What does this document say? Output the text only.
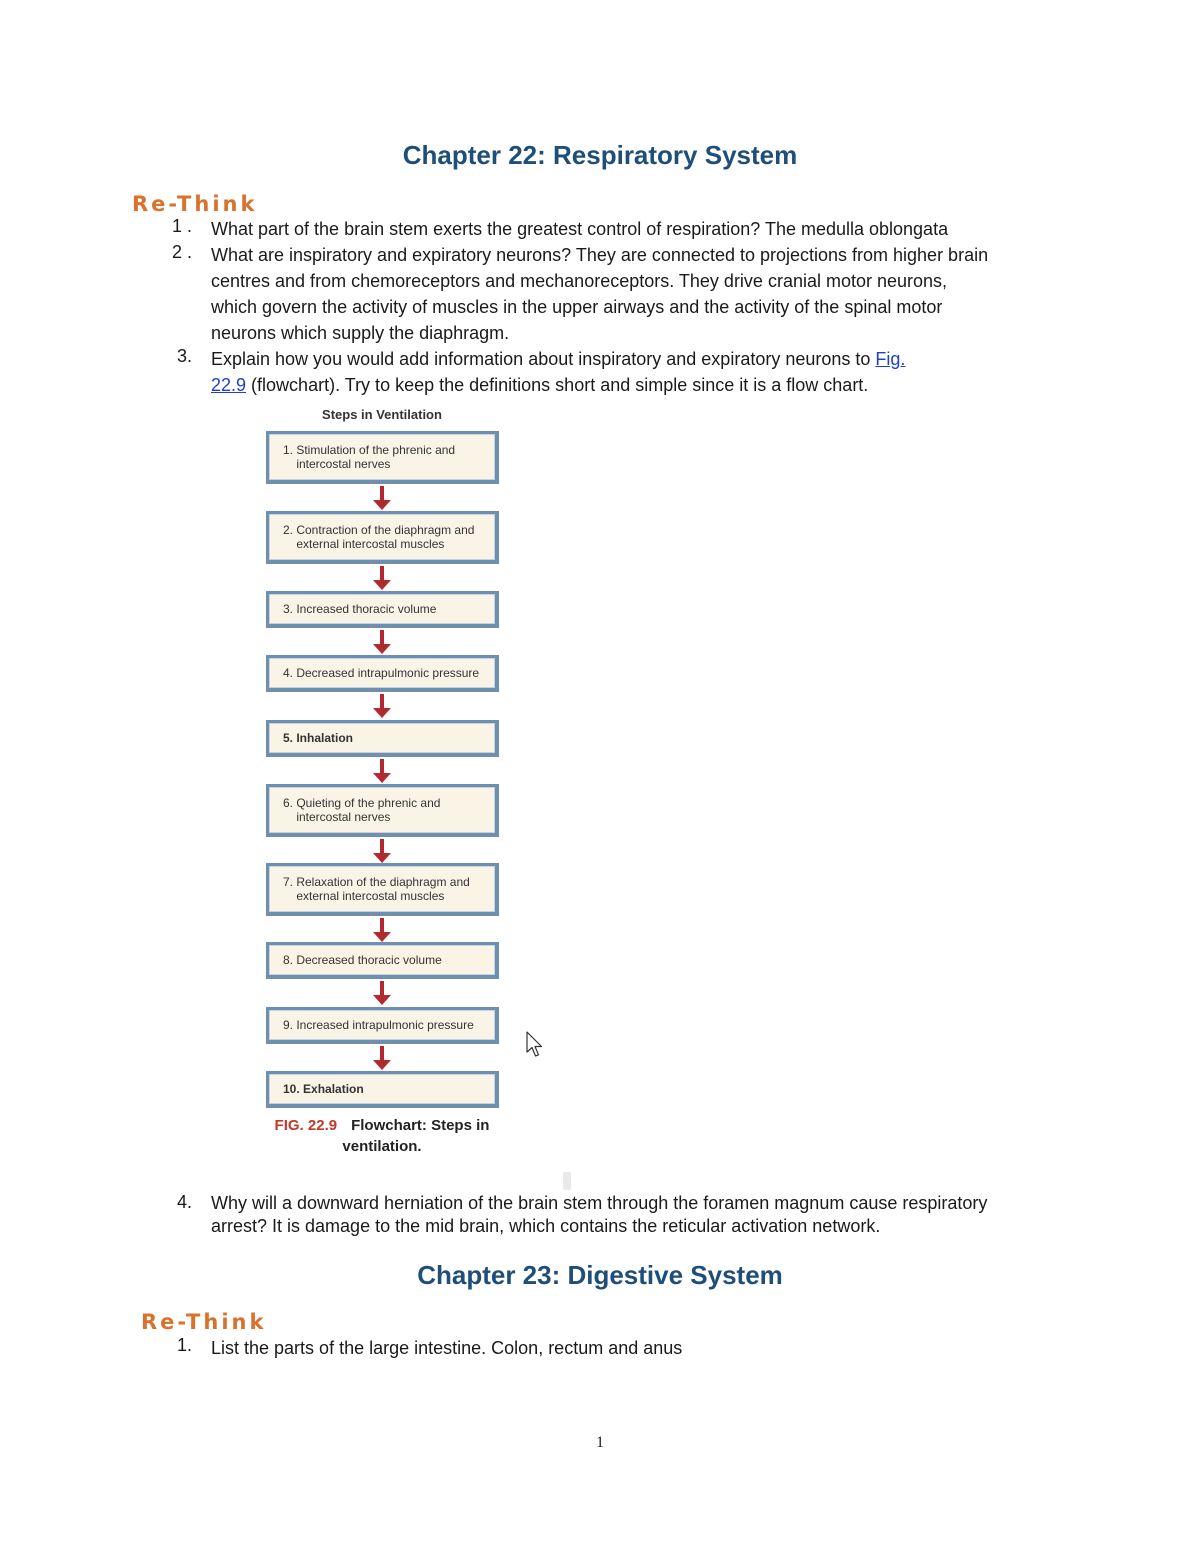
Chapter 22: Respiratory System
Re-Think
1 . What part of the brain stem exerts the greatest control of respiration? The medulla oblongata
2 . What are inspiratory and expiratory neurons? They are connected to projections from higher brain
centres and from chemoreceptors and mechanoreceptors. They drive cranial motor neurons,
which govern the activity of muscles in the upper airways and the activity of the spinal motor
neurons which supply the diaphragm.
3. Explain how you would add information about inspiratory and expiratory neurons to Fig.
22.9 (flowchart). Try to keep the definitions short and simple since it is a flow chart.
Steps in Ventilation
1. Stimulation of the phrenic and
intercostal nerves
2. Contraction of the diaphragm and
external intercostal muscles
3. Increased thoracic volume
4. Decreased intrapulmonic pressure
5. Inhalation
6. Quieting of the phrenic and
intercostal nerves
7. Relaxation of the diaphragm and
external intercostal muscles
8. Decreased thoracic volume
9. Increased intrapulmonic pressure
10. Exhalation
FIG. 22.9 Flowchart: Steps in ventilation.
4. Why will a downward herniation of the brain stem through the foramen magnum cause respiratory
arrest? It is damage to the mid brain, which contains the reticular activation network.
Chapter 23: Digestive System
Re-Think
1. List the parts of the large intestine. Colon, rectum and anus
1
